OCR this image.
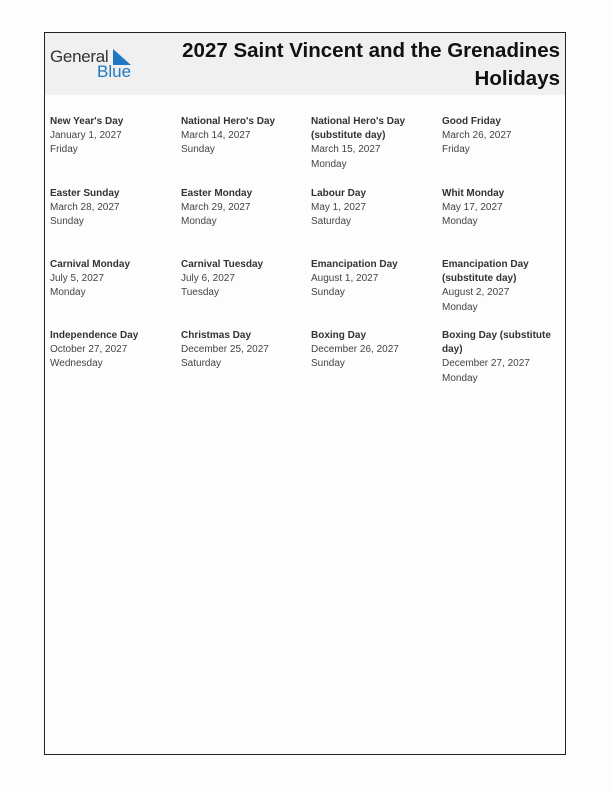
General
Blue
2027 Saint Vincent and the Grenadines Holidays
New Year's Day
January 1, 2027
Friday
National Hero's Day
March 14, 2027
Sunday
National Hero's Day (substitute day)
March 15, 2027
Monday
Good Friday
March 26, 2027
Friday
Easter Sunday
March 28, 2027
Sunday
Easter Monday
March 29, 2027
Monday
Labour Day
May 1, 2027
Saturday
Whit Monday
May 17, 2027
Monday
Carnival Monday
July 5, 2027
Monday
Carnival Tuesday
July 6, 2027
Tuesday
Emancipation Day
August 1, 2027
Sunday
Emancipation Day (substitute day)
August 2, 2027
Monday
Independence Day
October 27, 2027
Wednesday
Christmas Day
December 25, 2027
Saturday
Boxing Day
December 26, 2027
Sunday
Boxing Day (substitute day)
December 27, 2027
Monday
